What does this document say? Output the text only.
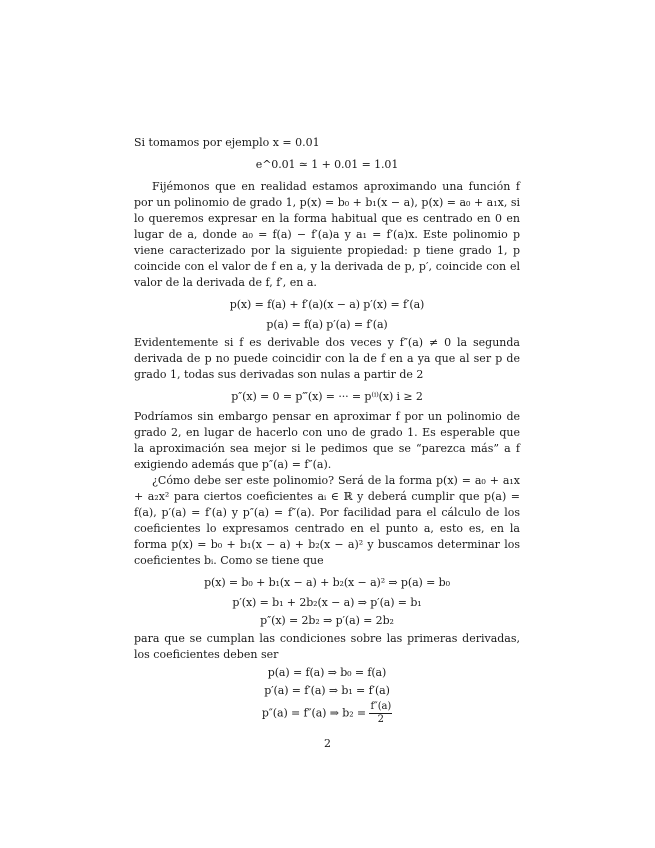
Si tomamos por ejemplo x = 0.01

e^0.01 ≃ 1 + 0.01 = 1.01

Fijémonos que en realidad estamos aproximando una función f por un polinomio de grado 1, p(x) = b₀ + b₁(x − a), p(x) = a₀ + a₁x, si lo queremos expresar en la forma habitual que es centrado en 0 en lugar de a, donde a₀ = f(a) − f′(a)a y a₁ = f′(a)x. Este polinomio p viene caracterizado por la siguiente propiedad: p tiene grado 1, p coincide con el valor de f en a, y la derivada de p, p′, coincide con el valor de la derivada de f, f′, en a.

p(x) = f(a) + f′(a)(x − a) p′(x) = f′(a)
p(a) = f(a) p′(a) = f′(a)

Evidentemente si f es derivable dos veces y f″(a) ≠ 0 la segunda derivada de p no puede coincidir con la de f en a ya que al ser p de grado 1, todas sus derivadas son nulas a partir de 2

p″(x) = 0 = p‴(x) = ··· = p⁽ⁱ⁾(x) i ≥ 2

Podríamos sin embargo pensar en aproximar f por un polinomio de grado 2, en lugar de hacerlo con uno de grado 1. Es esperable que la aproximación sea mejor si le pedimos que se “parezca más” a f exigiendo además que p″(a) = f″(a).

¿Cómo debe ser este polinomio? Será de la forma p(x) = a₀ + a₁x + a₂x² para ciertos coeficientes aᵢ ∈ ℝ y deberá cumplir que p(a) = f(a), p′(a) = f′(a) y p″(a) = f″(a). Por facilidad para el cálculo de los coeficientes lo expresamos centrado en el punto a, esto es, en la forma p(x) = b₀ + b₁(x − a) + b₂(x − a)² y buscamos determinar los coeficientes bᵢ. Como se tiene que

p(x) = b₀ + b₁(x − a) + b₂(x − a)² ⇒ p(a) = b₀
p′(x) = b₁ + 2b₂(x − a) ⇒ p′(a) = b₁
p″(x) = 2b₂ ⇒ p′(a) = 2b₂

para que se cumplan las condiciones sobre las primeras derivadas, los coeficientes deben ser

p(a) = f(a) ⇒ b₀ = f(a)
p′(a) = f′(a) ⇒ b₁ = f′(a)
p″(a) = f″(a) ⇒ $b_2 = \frac{f''(a)}{2}$
2
